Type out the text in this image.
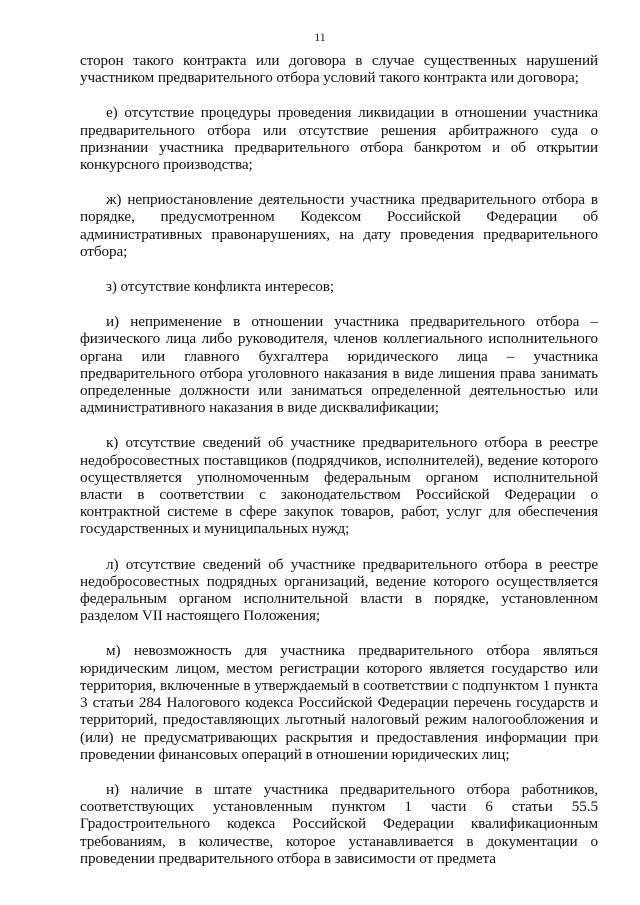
11

сторон такого контракта или договора в случае существенных нарушений участником предварительного отбора условий такого контракта или договора;

е) отсутствие процедуры проведения ликвидации в отношении участника предварительного отбора или отсутствие решения арбитражного суда о признании участника предварительного отбора банкротом и об открытии конкурсного производства;

ж) неприостановление деятельности участника предварительного отбора в порядке, предусмотренном Кодексом Российской Федерации об административных правонарушениях, на дату проведения предварительного отбора;

з) отсутствие конфликта интересов;

и) неприменение в отношении участника предварительного отбора – физического лица либо руководителя, членов коллегиального исполнительного органа или главного бухгалтера юридического лица – участника предварительного отбора уголовного наказания в виде лишения права занимать определенные должности или заниматься определенной деятельностью или административного наказания в виде дисквалификации;

к) отсутствие сведений об участнике предварительного отбора в реестре недобросовестных поставщиков (подрядчиков, исполнителей), ведение которого осуществляется уполномоченным федеральным органом исполнительной власти в соответствии с законодательством Российской Федерации о контрактной системе в сфере закупок товаров, работ, услуг для обеспечения государственных и муниципальных нужд;

л) отсутствие сведений об участнике предварительного отбора в реестре недобросовестных подрядных организаций, ведение которого осуществляется федеральным органом исполнительной власти в порядке, установленном разделом VII настоящего Положения;

м) невозможность для участника предварительного отбора являться юридическим лицом, местом регистрации которого является государство или территория, включенные в утверждаемый в соответствии с подпунктом 1 пункта 3 статьи 284 Налогового кодекса Российской Федерации перечень государств и территорий, предоставляющих льготный налоговый режим налогообложения и (или) не предусматривающих раскрытия и предоставления информации при проведении финансовых операций в отношении юридических лиц;

н) наличие в штате участника предварительного отбора работников, соответствующих установленным пунктом 1 части 6 статьи 55.5 Градостроительного кодекса Российской Федерации квалификационным требованиям, в количестве, которое устанавливается в документации о проведении предварительного отбора в зависимости от предмета
